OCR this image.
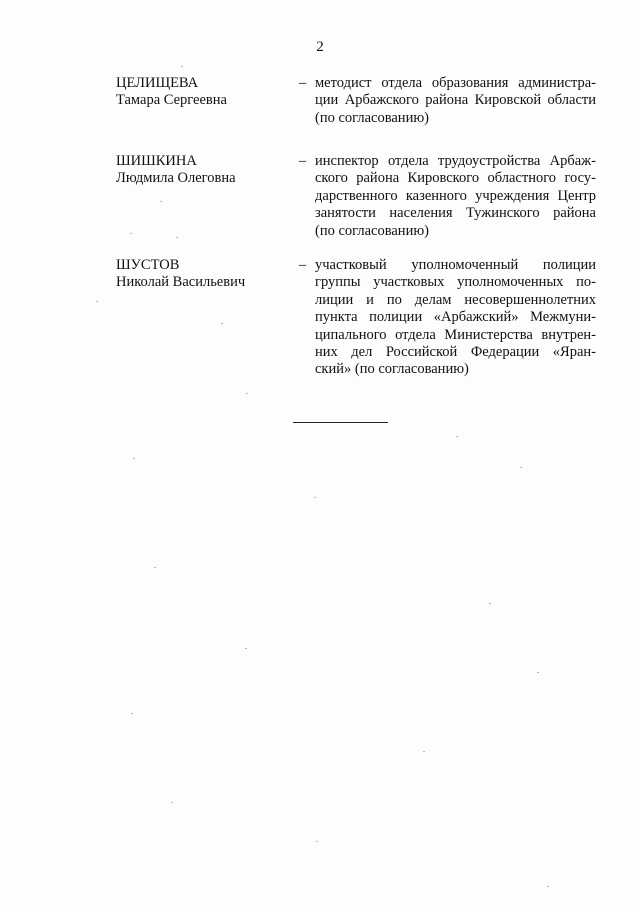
2
ЦЕЛИЩЕВА
Тамара Сергеевна
– методист отдела образования администра-
ции Арбажского района Кировской области
(по согласованию)
ШИШКИНА
Людмила Олеговна
– инспектор отдела трудоустройства Арбаж-
ского района Кировского областного госу-
дарственного казенного учреждения Центр
занятости населения Тужинского района
(по согласованию)
ШУСТОВ
Николай Васильевич
– участковый уполномоченный полиции
группы участковых уполномоченных по-
лиции и по делам несовершеннолетних
пункта полиции «Арбажский» Межмуни-
ципального отдела Министерства внутрен-
них дел Российской Федерации «Яран-
ский» (по согласованию)
